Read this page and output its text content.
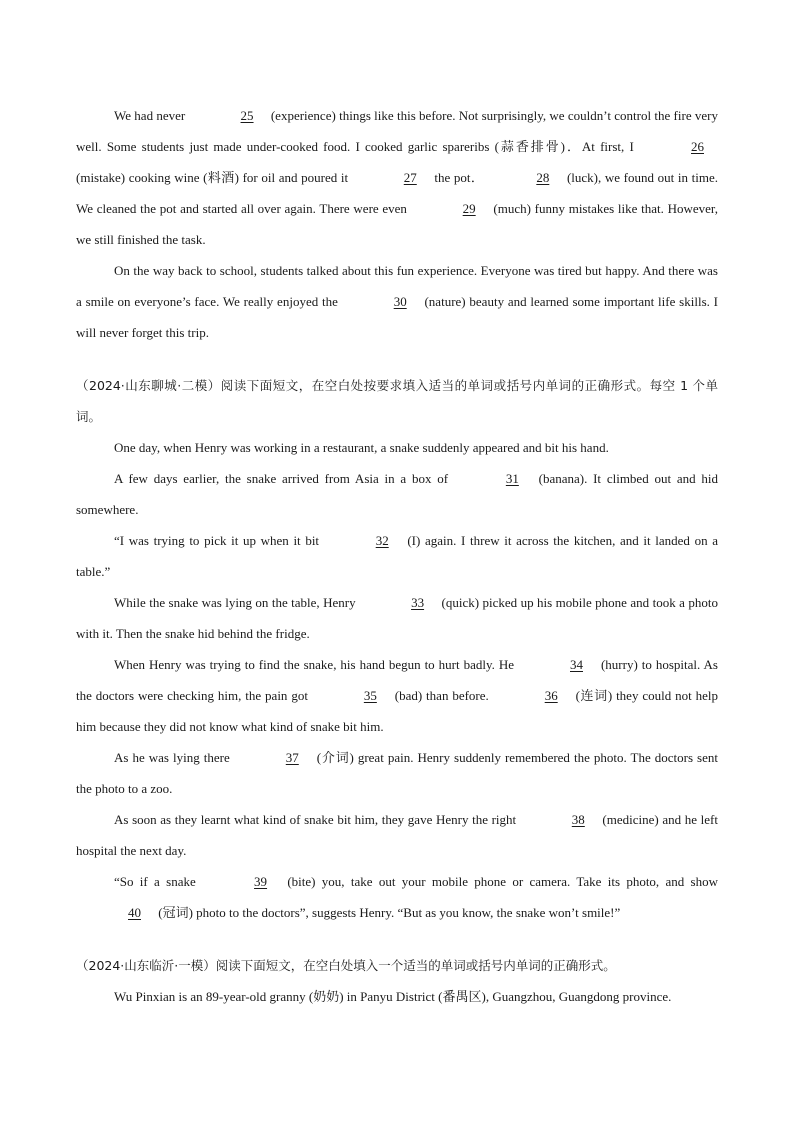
We had never	25 (experience) things like this before. Not surprisingly, we couldn’t control the fire very well. Some students just made under-cooked food. I cooked garlic spareribs (蒜香排骨)．At first, I	26 (mistake) cooking wine (料酒) for oil and poured it	27 the pot．	28 (luck), we found out in time. We cleaned the pot and started all over again. There were even	29 (much) funny mistakes like that. However, we still finished the task.

On the way back to school, students talked about this fun experience. Everyone was tired but happy. And there was a smile on everyone’s face. We really enjoyed the	30 (nature) beauty and learned some important life skills. I will never forget this trip.

（2024·山东聊城·二模）阅读下面短文，在空白处按要求填入适当的单词或括号内单词的正确形式。每空 1 个单词。

One day, when Henry was working in a restaurant, a snake suddenly appeared and bit his hand.

A few days earlier, the snake arrived from Asia in a box of	31 (banana). It climbed out and hid somewhere.

“I was trying to pick it up when it bit	32 (I) again. I threw it across the kitchen, and it landed on a table.”

While the snake was lying on the table, Henry	33 (quick) picked up his mobile phone and took a photo with it. Then the snake hid behind the fridge.

When Henry was trying to find the snake, his hand begun to hurt badly. He	34 (hurry) to hospital. As the doctors were checking him, the pain got	35 (bad) than before.	36 (连词) they could not help him because they did not know what kind of snake bit him.

As he was lying there	37 (介词) great pain. Henry suddenly remembered the photo. The doctors sent the photo to a zoo.

As soon as they learnt what kind of snake bit him, they gave Henry the right	38 (medicine) and he left hospital the next day.

“So if a snake	39 (bite) you, take out your mobile phone or camera. Take its photo, and show 40 (冠词) photo to the doctors”, suggests Henry. “But as you know, the snake won’t smile!”

（2024·山东临沂·一模）阅读下面短文，在空白处填入一个适当的单词或括号内单词的正确形式。

Wu Pinxian is an 89-year-old granny (奶奶) in Panyu District (番禺区), Guangzhou, Guangdong province.
